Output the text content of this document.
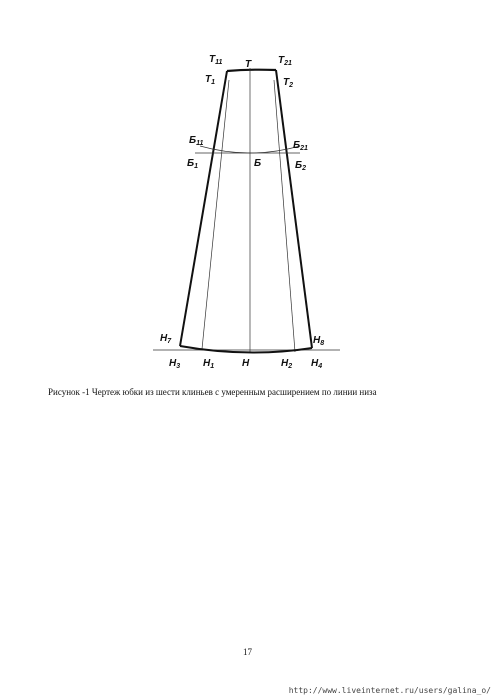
Т
$Т_{11}$	$Т_{21}$
$Т_1$	$Т_2$
$Б_{11}$	$Б_{21}$
$Б_1$	$Б_2$
Б
$Н_7$	$Н_8$
$Н_3$ $Н_1$	Н	$Н_2$ $Н_4$
Рисунок -1 Чертеж юбки из шести клиньев с умеренным расширением по линии низа
17
http://www.liveinternet.ru/users/galina_o/
